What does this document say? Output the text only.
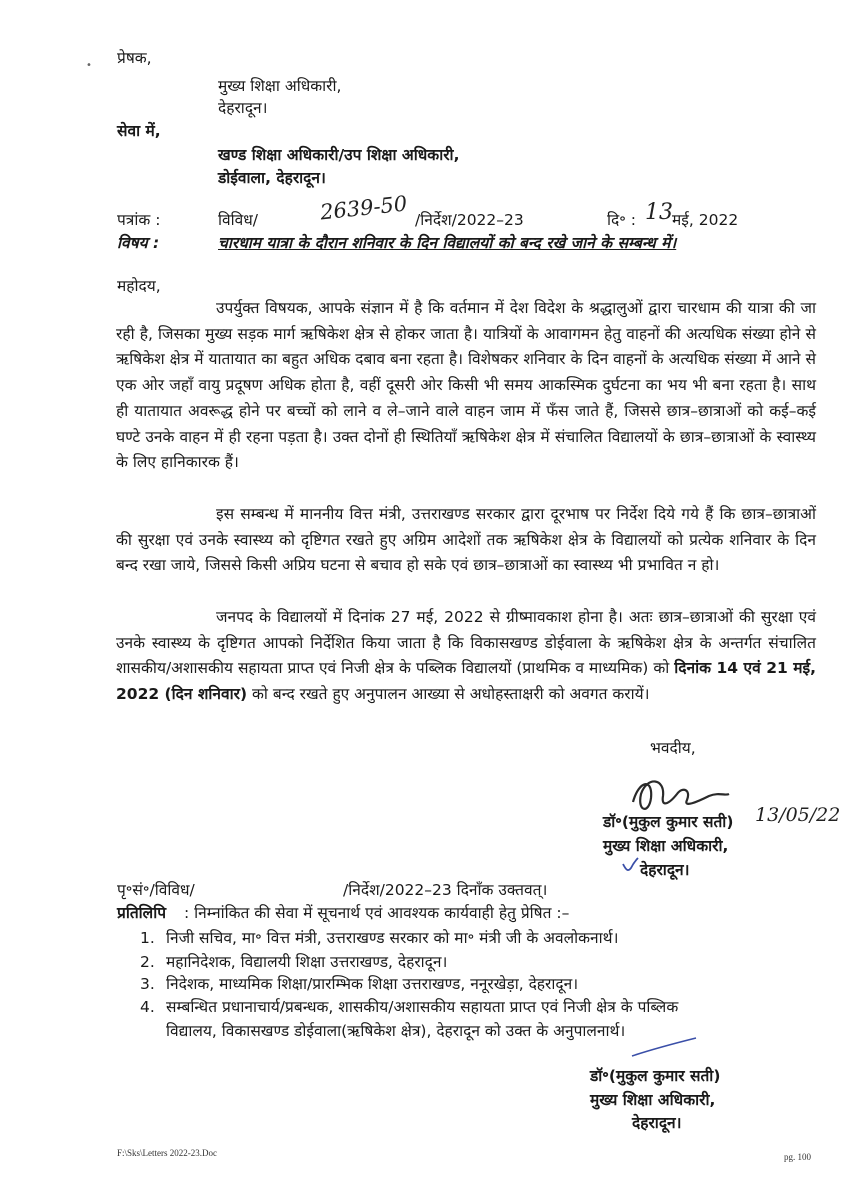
• प्रेषक,
मुख्य शिक्षा अधिकारी,
देहरादून।
सेवा में,
खण्ड शिक्षा अधिकारी/उप शिक्षा अधिकारी,
डोईवाला, देहरादून।
पत्रांक :	विविध/	2639-50 /निर्देश/2022–23	दि॰ : 13 मई, 2022
विषय :	चारधाम यात्रा के दौरान शनिवार के दिन विद्यालयों को बन्द रखे जाने के सम्बन्ध में।
महोदय,
उपर्युक्त विषयक, आपके संज्ञान में है कि वर्तमान में देश विदेश के श्रद्धालुओं द्वारा चारधाम की यात्रा की जा रही है, जिसका मुख्य सड़क मार्ग ऋषिकेश क्षेत्र से होकर जाता है। यात्रियों के आवागमन हेतु वाहनों की अत्यधिक संख्या होने से ऋषिकेश क्षेत्र में यातायात का बहुत अधिक दबाव बना रहता है। विशेषकर शनिवार के दिन वाहनों के अत्यधिक संख्या में आने से एक ओर जहाँ वायु प्रदूषण अधिक होता है, वहीं दूसरी ओर किसी भी समय आकस्मिक दुर्घटना का भय भी बना रहता है। साथ ही यातायात अवरूद्ध होने पर बच्चों को लाने व ले–जाने वाले वाहन जाम में फँस जाते हैं, जिससे छात्र–छात्राओं को कई–कई घण्टे उनके वाहन में ही रहना पड़ता है। उक्त दोनों ही स्थितियाँ ऋषिकेश क्षेत्र में संचालित विद्यालयों के छात्र–छात्राओं के स्वास्थ्य के लिए हानिकारक हैं।
इस सम्बन्ध में माननीय वित्त मंत्री, उत्तराखण्ड सरकार द्वारा दूरभाष पर निर्देश दिये गये हैं कि छात्र–छात्राओं की सुरक्षा एवं उनके स्वास्थ्य को दृष्टिगत रखते हुए अग्रिम आदेशों तक ऋषिकेश क्षेत्र के विद्यालयों को प्रत्येक शनिवार के दिन बन्द रखा जाये, जिससे किसी अप्रिय घटना से बचाव हो सके एवं छात्र–छात्राओं का स्वास्थ्य भी प्रभावित न हो।
जनपद के विद्यालयों में दिनांक 27 मई, 2022 से ग्रीष्मावकाश होना है। अतः छात्र–छात्राओं की सुरक्षा एवं उनके स्वास्थ्य के दृष्टिगत आपको निर्देशित किया जाता है कि विकासखण्ड डोईवाला के ऋषिकेश क्षेत्र के अन्तर्गत संचालित शासकीय/अशासकीय सहायता प्राप्त एवं निजी क्षेत्र के पब्लिक विद्यालयों (प्राथमिक व माध्यमिक) को दिनांक 14 एवं 21 मई, 2022 (दिन शनिवार) को बन्द रखते हुए अनुपालन आख्या से अधोहस्ताक्षरी को अवगत करायें।
भवदीय,
डॉ॰(मुकुल कुमार सती) 13/05/22
मुख्य शिक्षा अधिकारी,
देहरादून।
पृ॰सं॰/विविध/	/निर्देश/2022–23 दिनाँक उक्तवत्।
प्रतिलिपि : निम्नांकित की सेवा में सूचनार्थ एवं आवश्यक कार्यवाही हेतु प्रेषित :–
1. निजी सचिव, मा॰ वित्त मंत्री, उत्तराखण्ड सरकार को मा॰ मंत्री जी के अवलोकनार्थ।
2. महानिदेशक, विद्यालयी शिक्षा उत्तराखण्ड, देहरादून।
3. निदेशक, माध्यमिक शिक्षा/प्रारम्भिक शिक्षा उत्तराखण्ड, ननूरखेड़ा, देहरादून।
4. सम्बन्धित प्रधानाचार्य/प्रबन्धक, शासकीय/अशासकीय सहायता प्राप्त एवं निजी क्षेत्र के पब्लिक
विद्यालय, विकासखण्ड डोईवाला(ऋषिकेश क्षेत्र), देहरादून को उक्त के अनुपालनार्थ।
डॉ॰(मुकुल कुमार सती)
मुख्य शिक्षा अधिकारी,
देहरादून।
F:\Sks\Letters 2022-23.Doc	pg. 100
